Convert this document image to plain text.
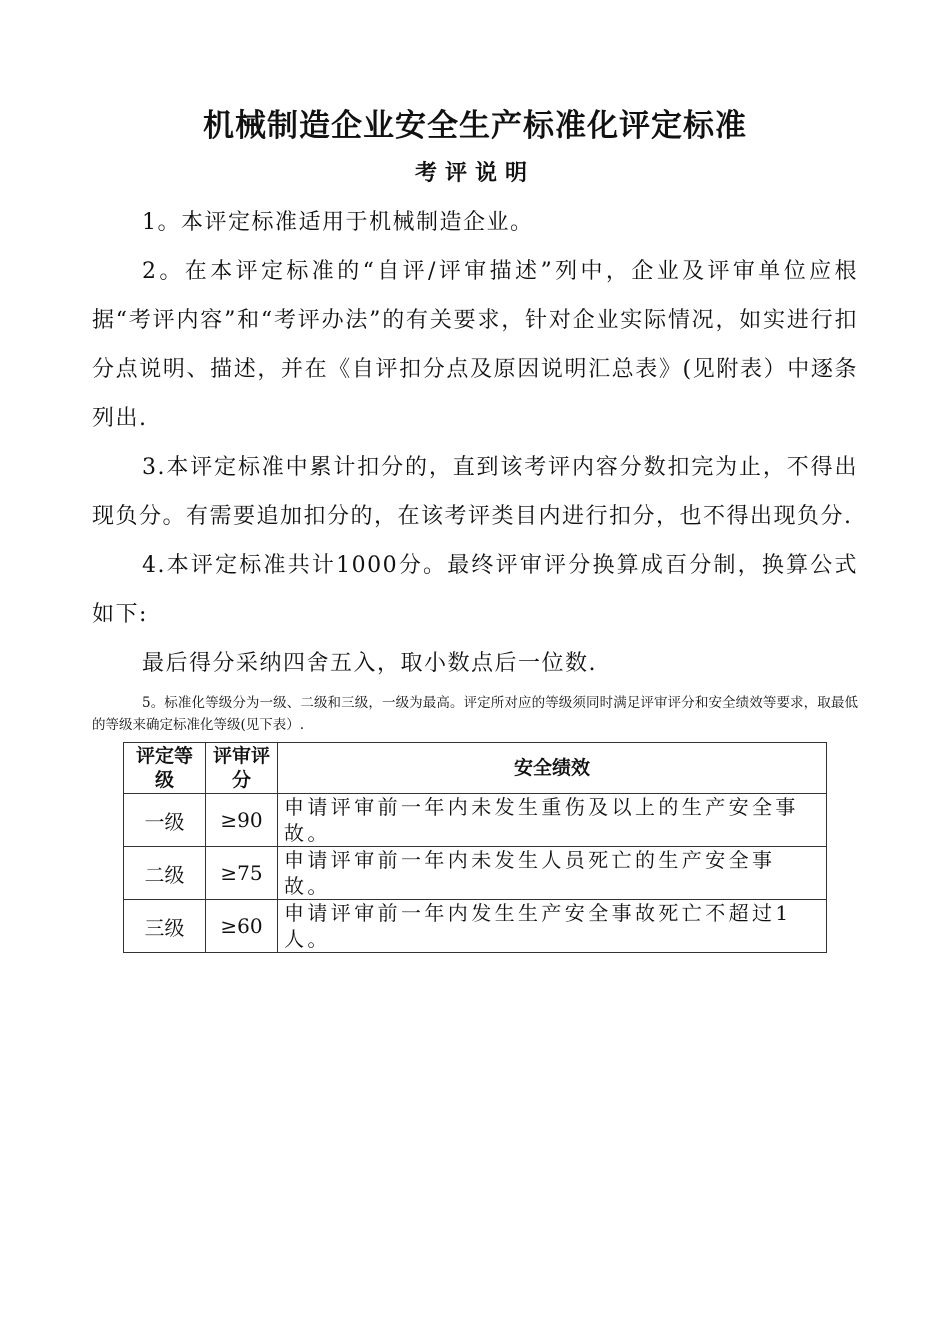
机械制造企业安全生产标准化评定标准
考评说明

1。本评定标准适用于机械制造企业。

2。在本评定标准的“自评/评审描述”列中，企业及评审单位应根据“考评内容”和“考评办法”的有关要求，针对企业实际情况，如实进行扣分点说明、描述，并在《自评扣分点及原因说明汇总表》(见附表）中逐条列出.

3.本评定标准中累计扣分的，直到该考评内容分数扣完为止，不得出现负分。有需要追加扣分的，在该考评类目内进行扣分，也不得出现负分.

4.本评定标准共计1000分。最终评审评分换算成百分制，换算公式如下:

最后得分采纳四舍五入，取小数点后一位数.

5。标准化等级分为一级、二级和三级，一级为最高。评定所对应的等级须同时满足评审评分和安全绩效等要求，取最低的等级来确定标准化等级(见下表）.

评定等级	评审评分	安全绩效
一级	≥90	申请评审前一年内未发生重伤及以上的生产安全事故。
二级	≥75	申请评审前一年内未发生人员死亡的生产安全事故。
三级	≥60	申请评审前一年内发生生产安全事故死亡不超过1人。
